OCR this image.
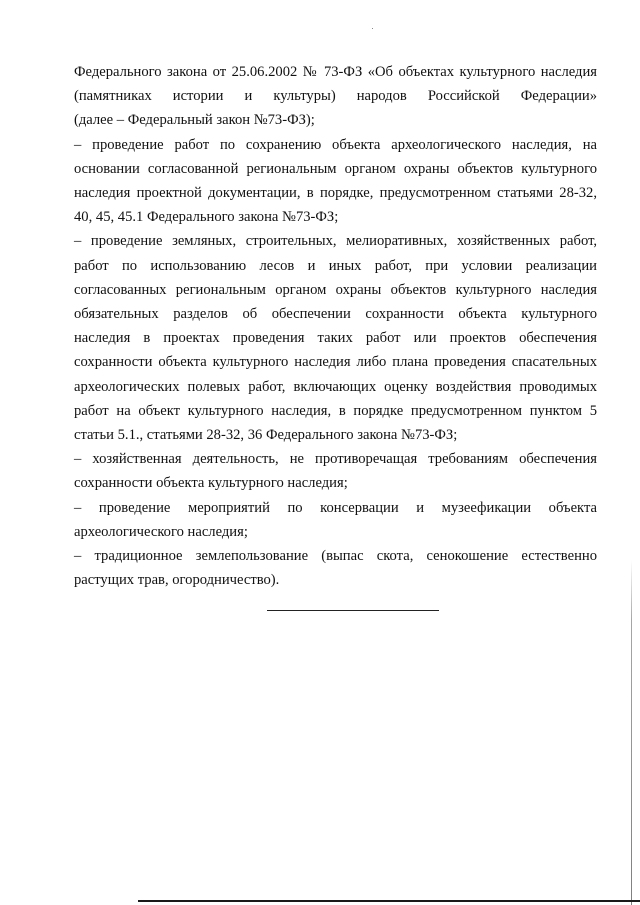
Федерального закона от 25.06.2002 № 73-ФЗ «Об объектах культурного наследия

(памятниках истории и культуры) народов Российской Федерации»

(далее – Федеральный закон №73-ФЗ);

– проведение работ по сохранению объекта археологического наследия, на

основании согласованной региональным органом охраны объектов культурного

наследия проектной документации, в порядке, предусмотренном статьями 28-32,

40, 45, 45.1 Федерального закона №73-ФЗ;

– проведение земляных, строительных, мелиоративных, хозяйственных работ,

работ по использованию лесов и иных работ, при условии реализации

согласованных региональным органом охраны объектов культурного наследия

обязательных разделов об обеспечении сохранности объекта культурного

наследия в проектах проведения таких работ или проектов обеспечения

сохранности объекта культурного наследия либо плана проведения спасательных

археологических полевых работ, включающих оценку воздействия проводимых

работ на объект культурного наследия, в порядке предусмотренном пунктом 5

статьи 5.1., статьями 28-32, 36 Федерального закона №73-ФЗ;

– хозяйственная деятельность, не противоречащая требованиям обеспечения

сохранности объекта культурного наследия;

– проведение мероприятий по консервации и музеефикации объекта

археологического наследия;

– традиционное землепользование (выпас скота, сенокошение естественно

растущих трав, огородничество).
